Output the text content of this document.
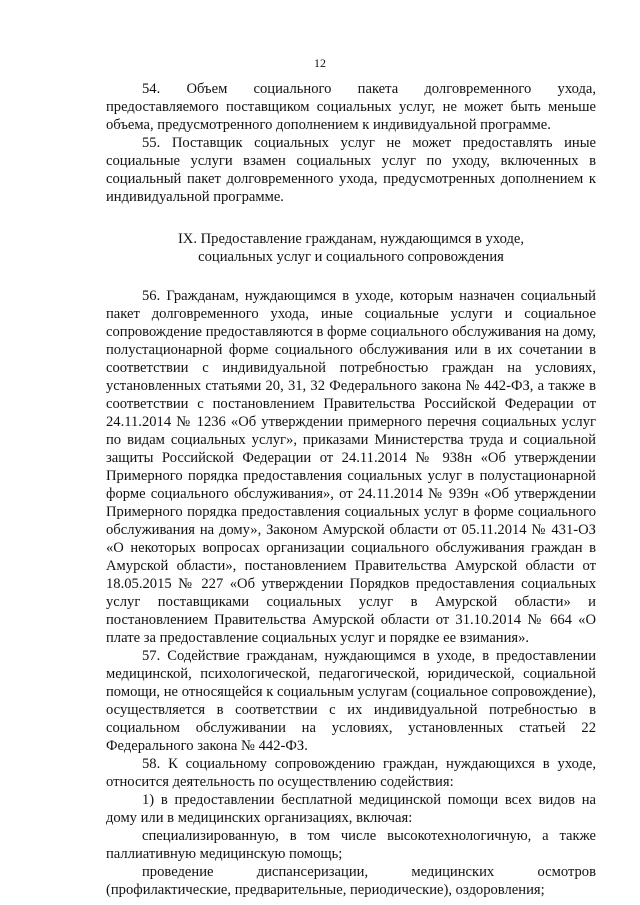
12

54. Объем социального пакета долговременного ухода, предоставляемого поставщиком социальных услуг, не может быть меньше объема, предусмотренного дополнением к индивидуальной программе.

55. Поставщик социальных услуг не может предоставлять иные социальные услуги взамен социальных услуг по уходу, включенных в социальный пакет долговременного ухода, предусмотренных дополнением к индивидуальной программе.

IX. Предоставление гражданам, нуждающимся в уходе,
социальных услуг и социального сопровождения

56. Гражданам, нуждающимся в уходе, которым назначен социальный пакет долговременного ухода, иные социальные услуги и социальное сопровождение предоставляются в форме социального обслуживания на дому, полустационарной форме социального обслуживания или в их сочетании в соответствии с индивидуальной потребностью граждан на условиях, установленных статьями 20, 31, 32 Федерального закона № 442-ФЗ, а также в соответствии с постановлением Правительства Российской Федерации от 24.11.2014 № 1236 «Об утверждении примерного перечня социальных услуг по видам социальных услуг», приказами Министерства труда и социальной защиты Российской Федерации от 24.11.2014 № 938н «Об утверждении Примерного порядка предоставления социальных услуг в полустационарной форме социального обслуживания», от 24.11.2014 № 939н «Об утверждении Примерного порядка предоставления социальных услуг в форме социального обслуживания на дому», Законом Амурской области от 05.11.2014 № 431-ОЗ «О некоторых вопросах организации социального обслуживания граждан в Амурской области», постановлением Правительства Амурской области от 18.05.2015 № 227 «Об утверждении Порядков предоставления социальных услуг поставщиками социальных услуг в Амурской области» и постановлением Правительства Амурской области от 31.10.2014 № 664 «О плате за предоставление социальных услуг и порядке ее взимания».

57. Содействие гражданам, нуждающимся в уходе, в предоставлении медицинской, психологической, педагогической, юридической, социальной помощи, не относящейся к социальным услугам (социальное сопровождение), осуществляется в соответствии с их индивидуальной потребностью в социальном обслуживании на условиях, установленных статьей 22 Федерального закона № 442-ФЗ.

58. К социальному сопровождению граждан, нуждающихся в уходе, относится деятельность по осуществлению содействия:

1) в предоставлении бесплатной медицинской помощи всех видов на дому или в медицинских организациях, включая:

специализированную, в том числе высокотехнологичную, а также паллиативную медицинскую помощь;

проведение диспансеризации, медицинских осмотров (профилактические, предварительные, периодические), оздоровления;
